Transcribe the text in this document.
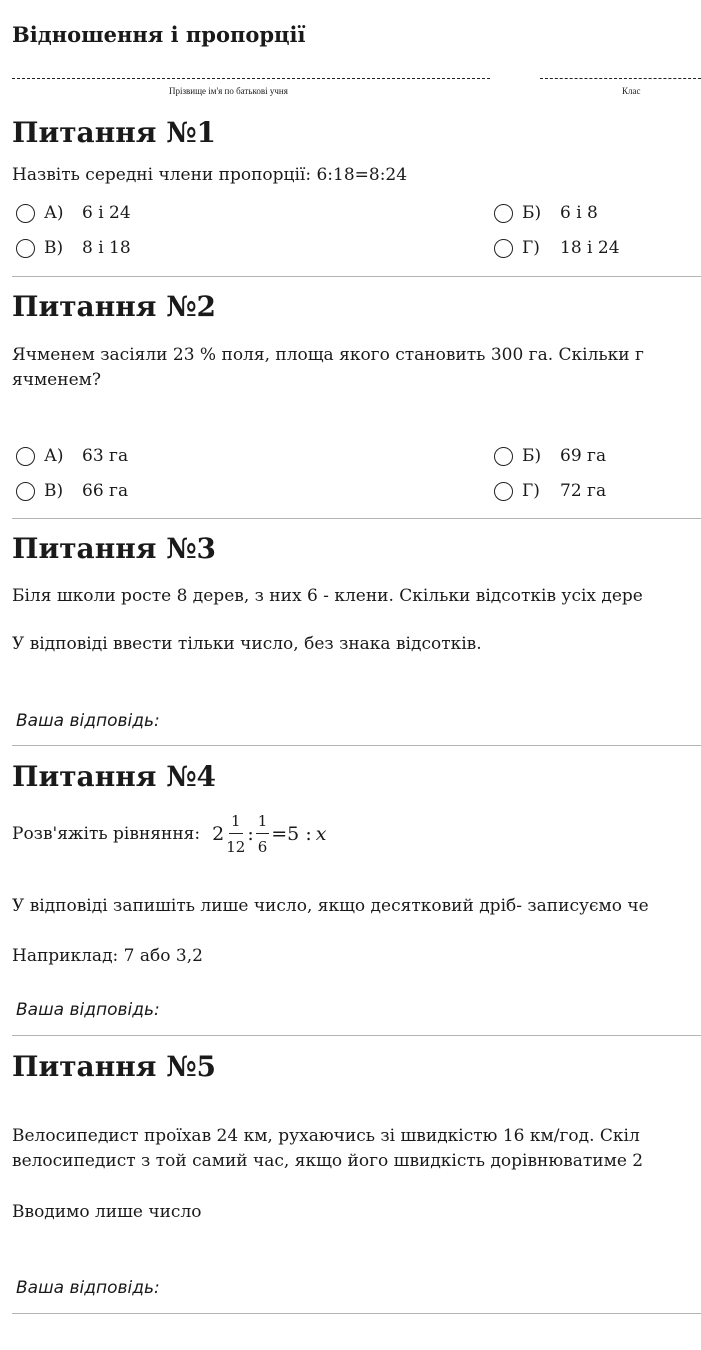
Відношення і пропорції
Прізвище ім'я по батькові учня	Клас
Питання №1
Назвіть середні члени пропорції: 6:18=8:24
А)	6 і 24	Б)	6 і 8
В)	8 і 18	Г)	18 і 24
Питання №2
Ячменем засіяли 23 % поля, площа якого становить 300 га. Скільки г
ячменем?
А)	63 га	Б)	69 га
В)	66 га	Г)	72 га
Питання №3
Біля школи росте 8 дерев, з них 6 - клени. Скільки відсотків усіх дере
У відповіді ввести тільки число, без знака відсотків.
Ваша відповідь:
Питання №4
Розв'яжіть рівняння: $2 \frac{1}{12}$ : $\frac{1}{6} =5$ : x
У відповіді запишіть лише число, якщо десятковий дріб- записуємо че
Наприклад: 7 або 3,2
Ваша відповідь:
Питання №5
Велосипедист проїхав 24 км, рухаючись зі швидкістю 16 км/год. Скіл
велосипедист з той самий час, якщо його швидкість дорівнюватиме 2
Вводимо лише число
Ваша відповідь:
